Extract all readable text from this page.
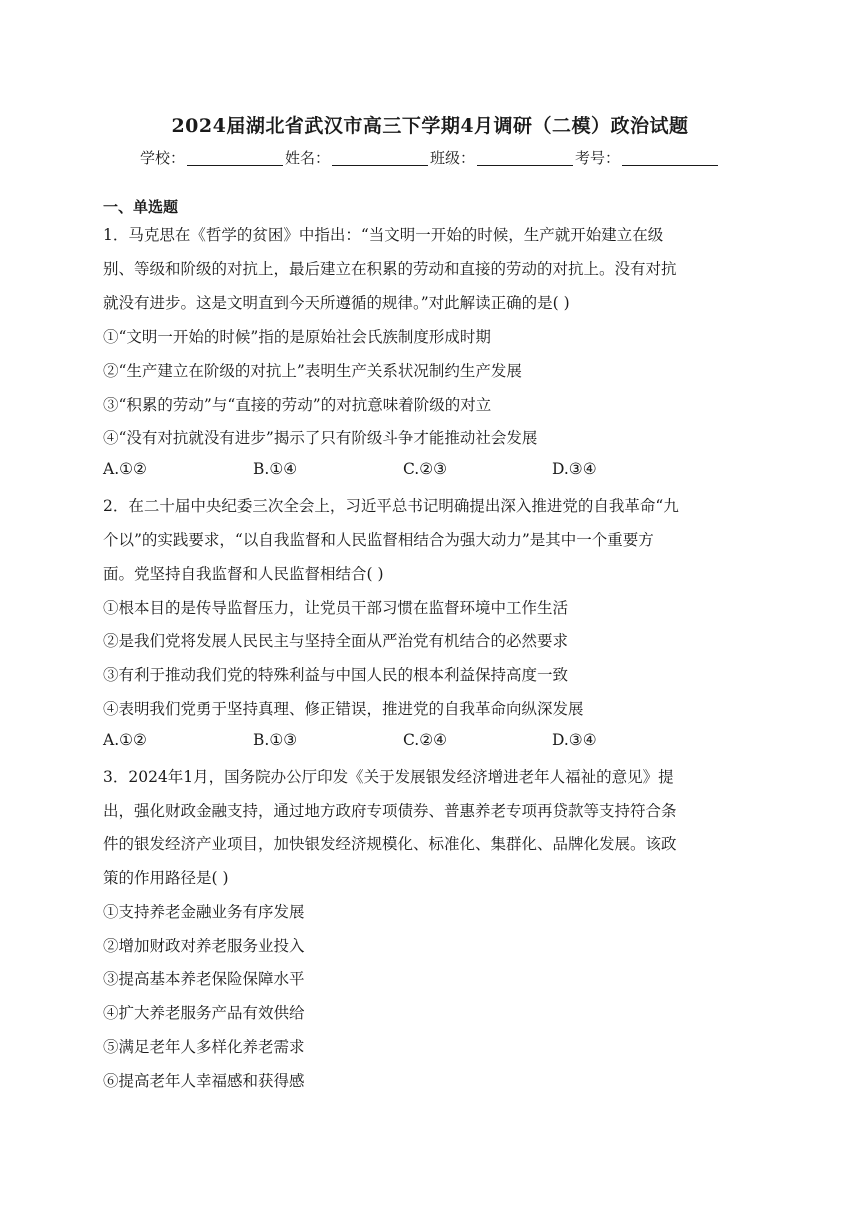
2024届湖北省武汉市高三下学期4月调研（二模）政治试题
学校：	姓名：	班级：	考号：
一、单选题
1．马克思在《哲学的贫困》中指出：“当文明一开始的时候，生产就开始建立在级
别、等级和阶级的对抗上，最后建立在积累的劳动和直接的劳动的对抗上。没有对抗
就没有进步。这是文明直到今天所遵循的规律。”对此解读正确的是( )
①“文明一开始的时候”指的是原始社会氏族制度形成时期
②“生产建立在阶级的对抗上”表明生产关系状况制约生产发展
③“积累的劳动”与“直接的劳动”的对抗意味着阶级的对立
④“没有对抗就没有进步”揭示了只有阶级斗争才能推动社会发展
A.①②	B.①④	C.②③	D.③④
2．在二十届中央纪委三次全会上，习近平总书记明确提出深入推进党的自我革命“九
个以”的实践要求，“以自我监督和人民监督相结合为强大动力”是其中一个重要方
面。党坚持自我监督和人民监督相结合( )
①根本目的是传导监督压力，让党员干部习惯在监督环境中工作生活
②是我们党将发展人民民主与坚持全面从严治党有机结合的必然要求
③有利于推动我们党的特殊利益与中国人民的根本利益保持高度一致
④表明我们党勇于坚持真理、修正错误，推进党的自我革命向纵深发展
A.①②	B.①③	C.②④	D.③④
3．2024年1月，国务院办公厅印发《关于发展银发经济增进老年人福祉的意见》提
出，强化财政金融支持，通过地方政府专项债券、普惠养老专项再贷款等支持符合条
件的银发经济产业项目，加快银发经济规模化、标准化、集群化、品牌化发展。该政
策的作用路径是( )
①支持养老金融业务有序发展
②增加财政对养老服务业投入
③提高基本养老保险保障水平
④扩大养老服务产品有效供给
⑤满足老年人多样化养老需求
⑥提高老年人幸福感和获得感
